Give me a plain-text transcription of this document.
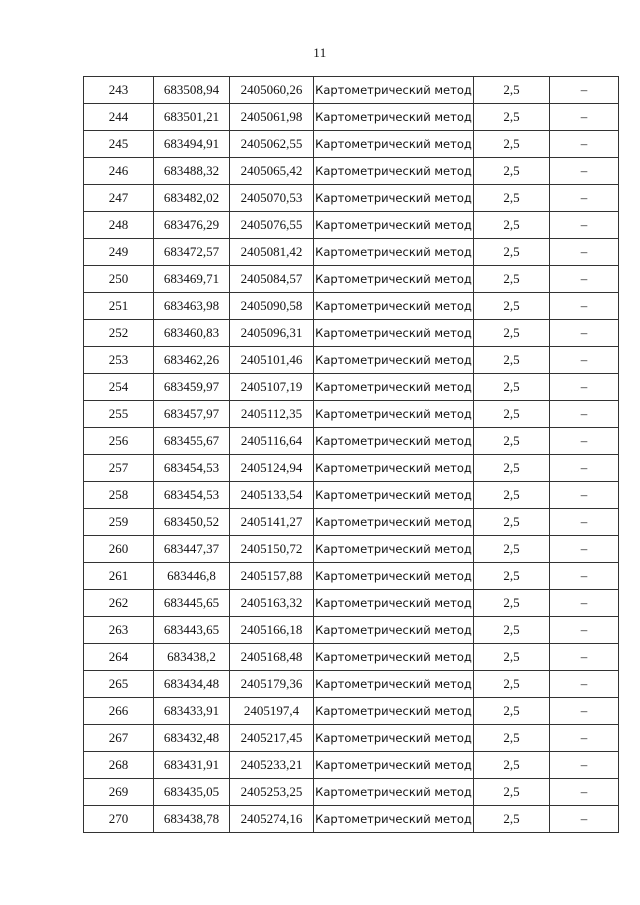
11
243	683508,94	2405060,26	Картометрический метод	2,5	–
244	683501,21	2405061,98	Картометрический метод	2,5	–
245	683494,91	2405062,55	Картометрический метод	2,5	–
246	683488,32	2405065,42	Картометрический метод	2,5	–
247	683482,02	2405070,53	Картометрический метод	2,5	–
248	683476,29	2405076,55	Картометрический метод	2,5	–
249	683472,57	2405081,42	Картометрический метод	2,5	–
250	683469,71	2405084,57	Картометрический метод	2,5	–
251	683463,98	2405090,58	Картометрический метод	2,5	–
252	683460,83	2405096,31	Картометрический метод	2,5	–
253	683462,26	2405101,46	Картометрический метод	2,5	–
254	683459,97	2405107,19	Картометрический метод	2,5	–
255	683457,97	2405112,35	Картометрический метод	2,5	–
256	683455,67	2405116,64	Картометрический метод	2,5	–
257	683454,53	2405124,94	Картометрический метод	2,5	–
258	683454,53	2405133,54	Картометрический метод	2,5	–
259	683450,52	2405141,27	Картометрический метод	2,5	–
260	683447,37	2405150,72	Картометрический метод	2,5	–
261	683446,8	2405157,88	Картометрический метод	2,5	–
262	683445,65	2405163,32	Картометрический метод	2,5	–
263	683443,65	2405166,18	Картометрический метод	2,5	–
264	683438,2	2405168,48	Картометрический метод	2,5	–
265	683434,48	2405179,36	Картометрический метод	2,5	–
266	683433,91	2405197,4	Картометрический метод	2,5	–
267	683432,48	2405217,45	Картометрический метод	2,5	–
268	683431,91	2405233,21	Картометрический метод	2,5	–
269	683435,05	2405253,25	Картометрический метод	2,5	–
270	683438,78	2405274,16	Картометрический метод	2,5	–
